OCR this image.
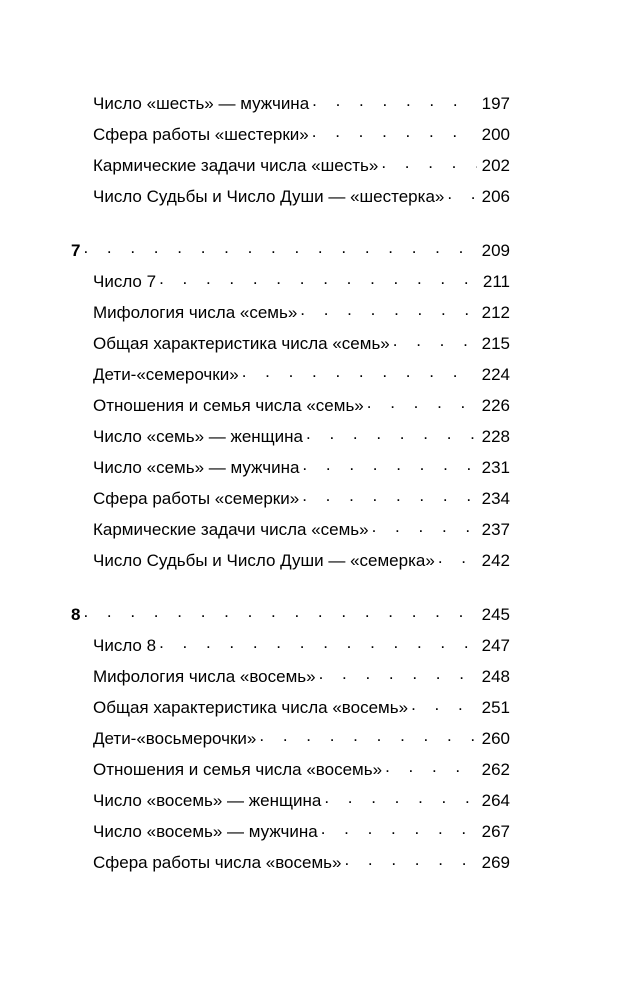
Число «шесть» — мужчина . . .	197
Сфера работы «шестерки» . . .	200
Кармические задачи числа «шесть» . . .	202
Число Судьбы и Число Души — «шестерка» . . . 206
7 . . .	209
Число 7 . . .	211
Мифология числа «семь» . . .	212
Общая характеристика числа «семь» . . .	215
Дети-«семерочки» . . .	224
Отношения и семья числа «семь» . . .	226
Число «семь» — женщина . . .	228
Число «семь» — мужчина . . .	231
Сфера работы «семерки» . . .	234
Кармические задачи числа «семь» . . .	237
Число Судьбы и Число Души — «семерка» . . .	242
8 . . .	245
Число 8 . . .	247
Мифология числа «восемь» . . .	248
Общая характеристика числа «восемь» . . .	251
Дети-«восьмерочки» . . .	260
Отношения и семья числа «восемь» . . .	262
Число «восемь» — женщина . . .	264
Число «восемь» — мужчина . . .	267
Сфера работы числа «восемь» . . .	269
